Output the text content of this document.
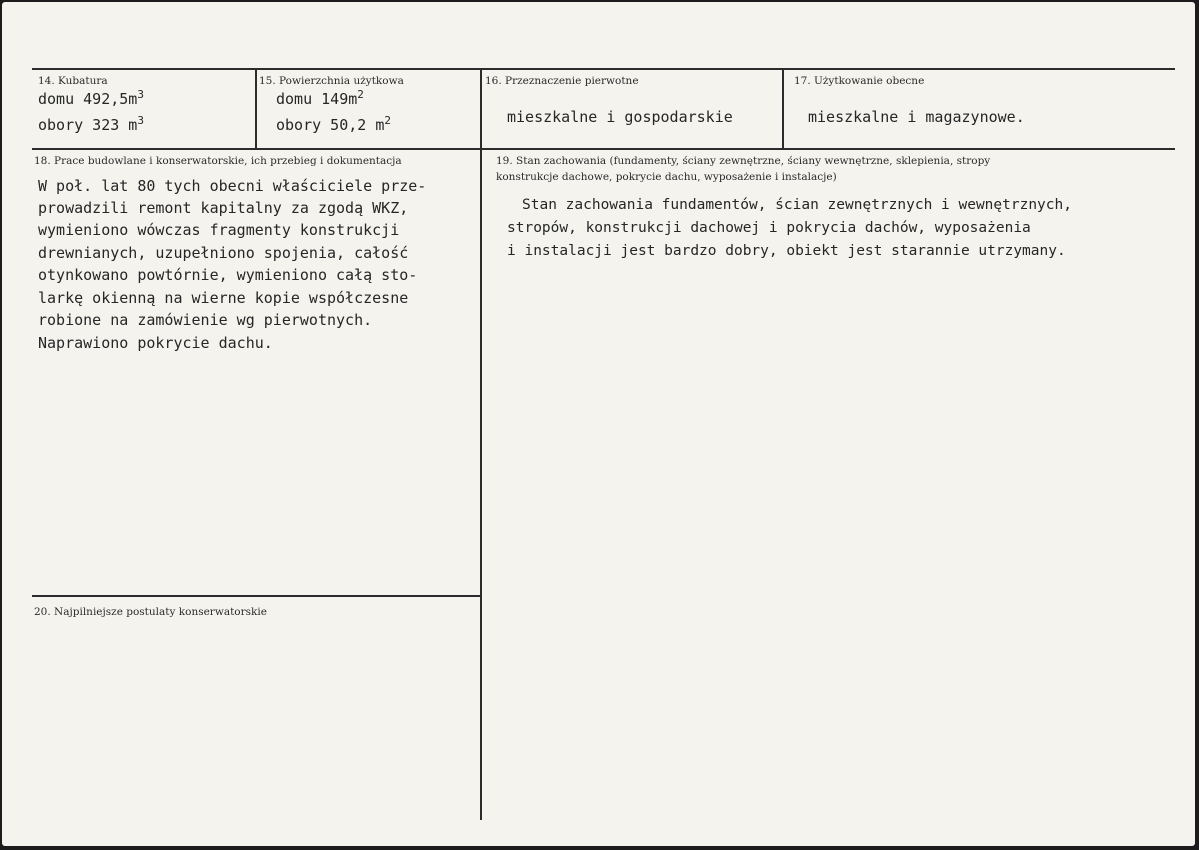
14. Kubatura
domu $492,5m^3$
obory 323 $m^3$
15. Powierzchnia użytkowa
domu $149m^2$
obory 50,2 $m^2$
16. Przeznaczenie pierwotne
mieszkalne i gospodarskie
17. Użytkowanie obecne
mieszkalne i magazynowe.
18. Prace budowlane i konserwatorskie, ich przebieg i dokumentacja
W poł. lat 80 tych obecni właściciele prze-
prowadzili remont kapitalny za zgodą WKZ,
wymieniono wówczas fragmenty konstrukcji
drewnianych, uzupełniono spojenia, całość
otynkowano powtórnie, wymieniono całą sto-
larkę okienną na wierne kopie współczesne
robione na zamówienie wg pierwotnych.
Naprawiono pokrycie dachu.
19. Stan zachowania (fundamenty, ściany zewnętrzne, ściany wewnętrzne, sklepienia, stropy
konstrukcje dachowe, pokrycie dachu, wyposażenie i instalacje)
Stan zachowania fundamentów, ścian zewnętrznych i wewnętrznych,
stropów, konstrukcji dachowej i pokrycia dachów, wyposażenia
i instalacji jest bardzo dobry, obiekt jest starannie utrzymany.
20. Najpilniejsze postulaty konserwatorskie
